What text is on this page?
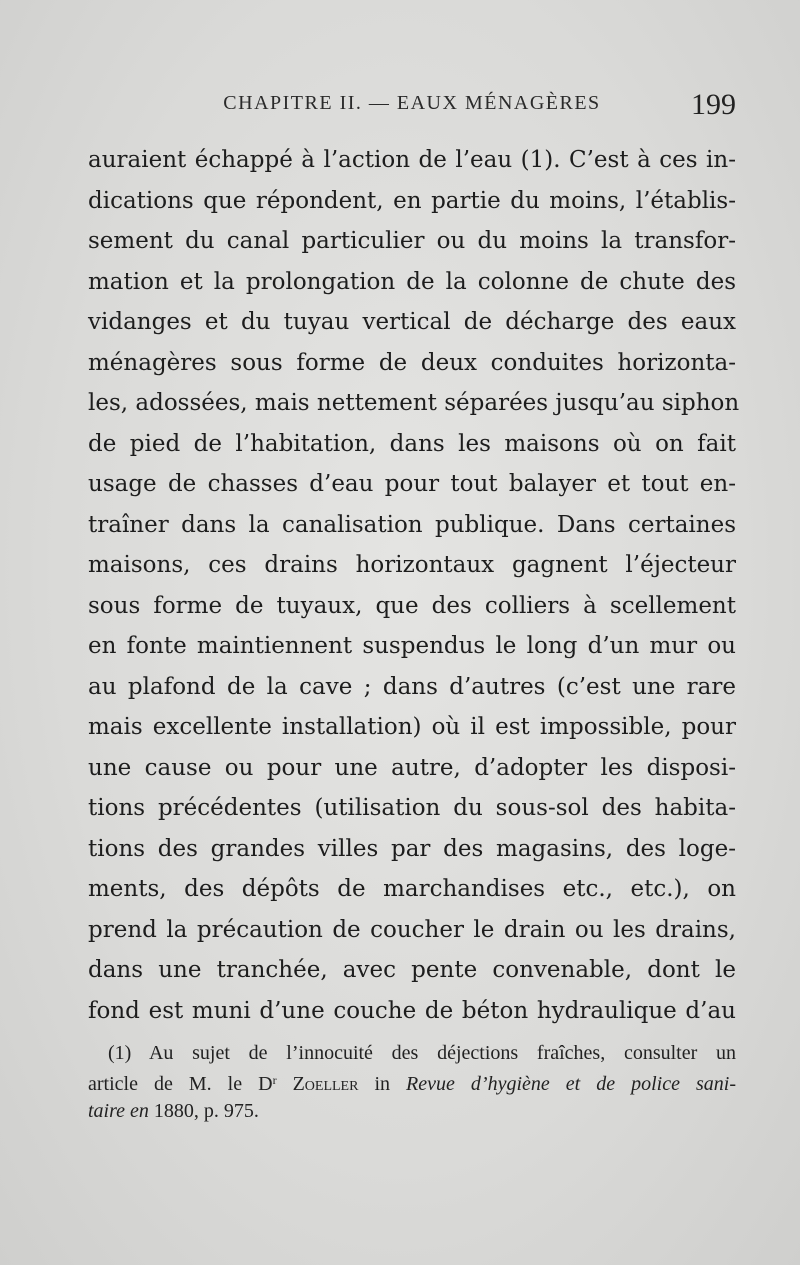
CHAPITRE II. — EAUX MÉNAGÈRES	199
auraient échappé à l’action de l’eau (1). C’est à ces in-
dications que répondent, en partie du moins, l’établis-
sement du canal particulier ou du moins la transfor-
mation et la prolongation de la colonne de chute des
vidanges et du tuyau vertical de décharge des eaux
ménagères sous forme de deux conduites horizonta-
les, adossées, mais nettement séparées jusqu’au siphon
de pied de l’habitation, dans les maisons où on fait
usage de chasses d’eau pour tout balayer et tout en-
traîner dans la canalisation publique. Dans certaines
maisons, ces drains horizontaux gagnent l’éjecteur
sous forme de tuyaux, que des colliers à scellement
en fonte maintiennent suspendus le long d’un mur ou
au plafond de la cave ; dans d’autres (c’est une rare
mais excellente installation) où il est impossible, pour
une cause ou pour une autre, d’adopter les disposi-
tions précédentes (utilisation du sous-sol des habita-
tions des grandes villes par des magasins, des loge-
ments, des dépôts de marchandises etc., etc.), on
prend la précaution de coucher le drain ou les drains,
dans une tranchée, avec pente convenable, dont le
fond est muni d’une couche de béton hydraulique d’au
(1) Au sujet de l’innocuité des déjections fraîches, consulter un
article de M. le $D^r$ Zoeller in Revue d’hygiène et de police sani-
taire en 1880, p. 975.
